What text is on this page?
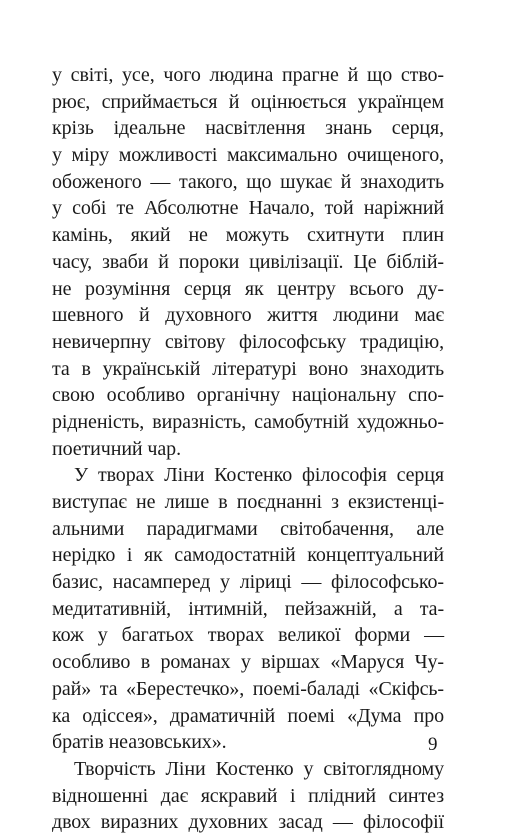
у світі, усе, чого людина прагне й що ство-
рює, сприймається й оцінюється українцем
крізь ідеальне насвітлення знань серця,
у міру можливості максимально очищеного,
обоженого — такого, що шукає й знаходить
у собі те Абсолютне Начало, той наріжний
камінь, який не можуть схитнути плин
часу, зваби й пороки цивілізації. Це біблій-
не розуміння серця як центру всього ду-
шевного й духовного життя людини має
невичерпну світову філософську традицію,
та в українській літературі воно знаходить
свою особливо органічну національну спо-
рідненість, виразність, самобутній художньо-
поетичний чар.
У творах Ліни Костенко філософія серця
виступає не лише в поєднанні з екзистенці-
альними парадигмами світобачення, але
нерідко і як самодостатній концептуальний
базис, насамперед у ліриці — філософсько-
медитативній, інтимній, пейзажній, а та-
кож у багатьох творах великої форми —
особливо в романах у віршах «Маруся Чу-
рай» та «Берестечко», поемі-баладі «Скіфсь-
ка одіссея», драматичній поемі «Дума про
братів неазовських».
Творчість Ліни Костенко у світоглядному
відношенні дає яскравий і плідний синтез
двох виразних духовних засад — філософії
9
